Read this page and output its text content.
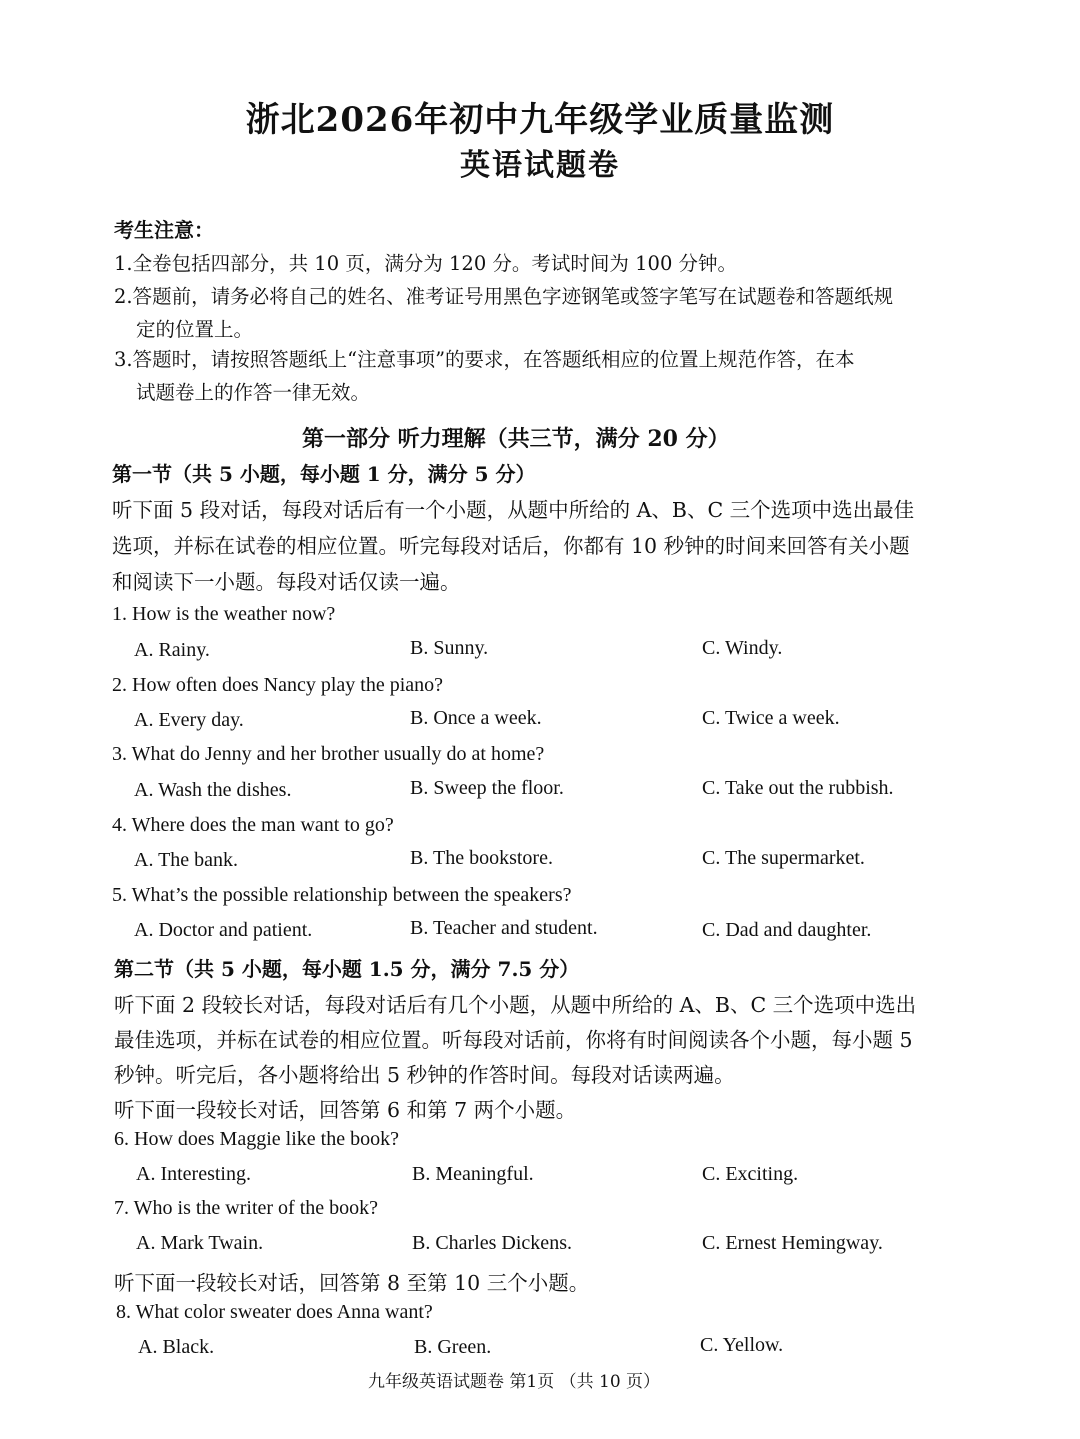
浙北2026年初中九年级学业质量监测
英语试题卷
考生注意：
1.全卷包括四部分，共 10 页，满分为 120 分。考试时间为 100 分钟。
2.答题前，请务必将自己的姓名、准考证号用黑色字迹钢笔或签字笔写在试题卷和答题纸规
定的位置上。
3.答题时，请按照答题纸上“注意事项”的要求，在答题纸相应的位置上规范作答，在本
试题卷上的作答一律无效。
第一部分 听力理解（共三节，满分 20 分）
第一节（共 5 小题，每小题 1 分，满分 5 分）
听下面 5 段对话，每段对话后有一个小题，从题中所给的 A、B、C 三个选项中选出最佳
选项，并标在试卷的相应位置。听完每段对话后，你都有 10 秒钟的时间来回答有关小题
和阅读下一小题。每段对话仅读一遍。
1. How is the weather now?
A. Rainy.	B. Sunny.	C. Windy.
2. How often does Nancy play the piano?
A. Every day.	B. Once a week.	C. Twice a week.
3. What do Jenny and her brother usually do at home?
A. Wash the dishes.	B. Sweep the floor.	C. Take out the rubbish.
4. Where does the man want to go?
A. The bank.	B. The bookstore.	C. The supermarket.
5. What’s the possible relationship between the speakers?
A. Doctor and patient.	B. Teacher and student.	C. Dad and daughter.
第二节（共 5 小题，每小题 1.5 分，满分 7.5 分）
听下面 2 段较长对话，每段对话后有几个小题，从题中所给的 A、B、C 三个选项中选出
最佳选项，并标在试卷的相应位置。听每段对话前，你将有时间阅读各个小题，每小题 5
秒钟。听完后，各小题将给出 5 秒钟的作答时间。每段对话读两遍。
听下面一段较长对话，回答第 6 和第 7 两个小题。
6. How does Maggie like the book?
A. Interesting.	B. Meaningful.	C. Exciting.
7. Who is the writer of the book?
A. Mark Twain.	B. Charles Dickens.	C. Ernest Hemingway.
听下面一段较长对话，回答第 8 至第 10 三个小题。
8. What color sweater does Anna want?
A. Black.	B. Green.	C. Yellow.
九年级英语试题卷 第1页 （共 10 页）
